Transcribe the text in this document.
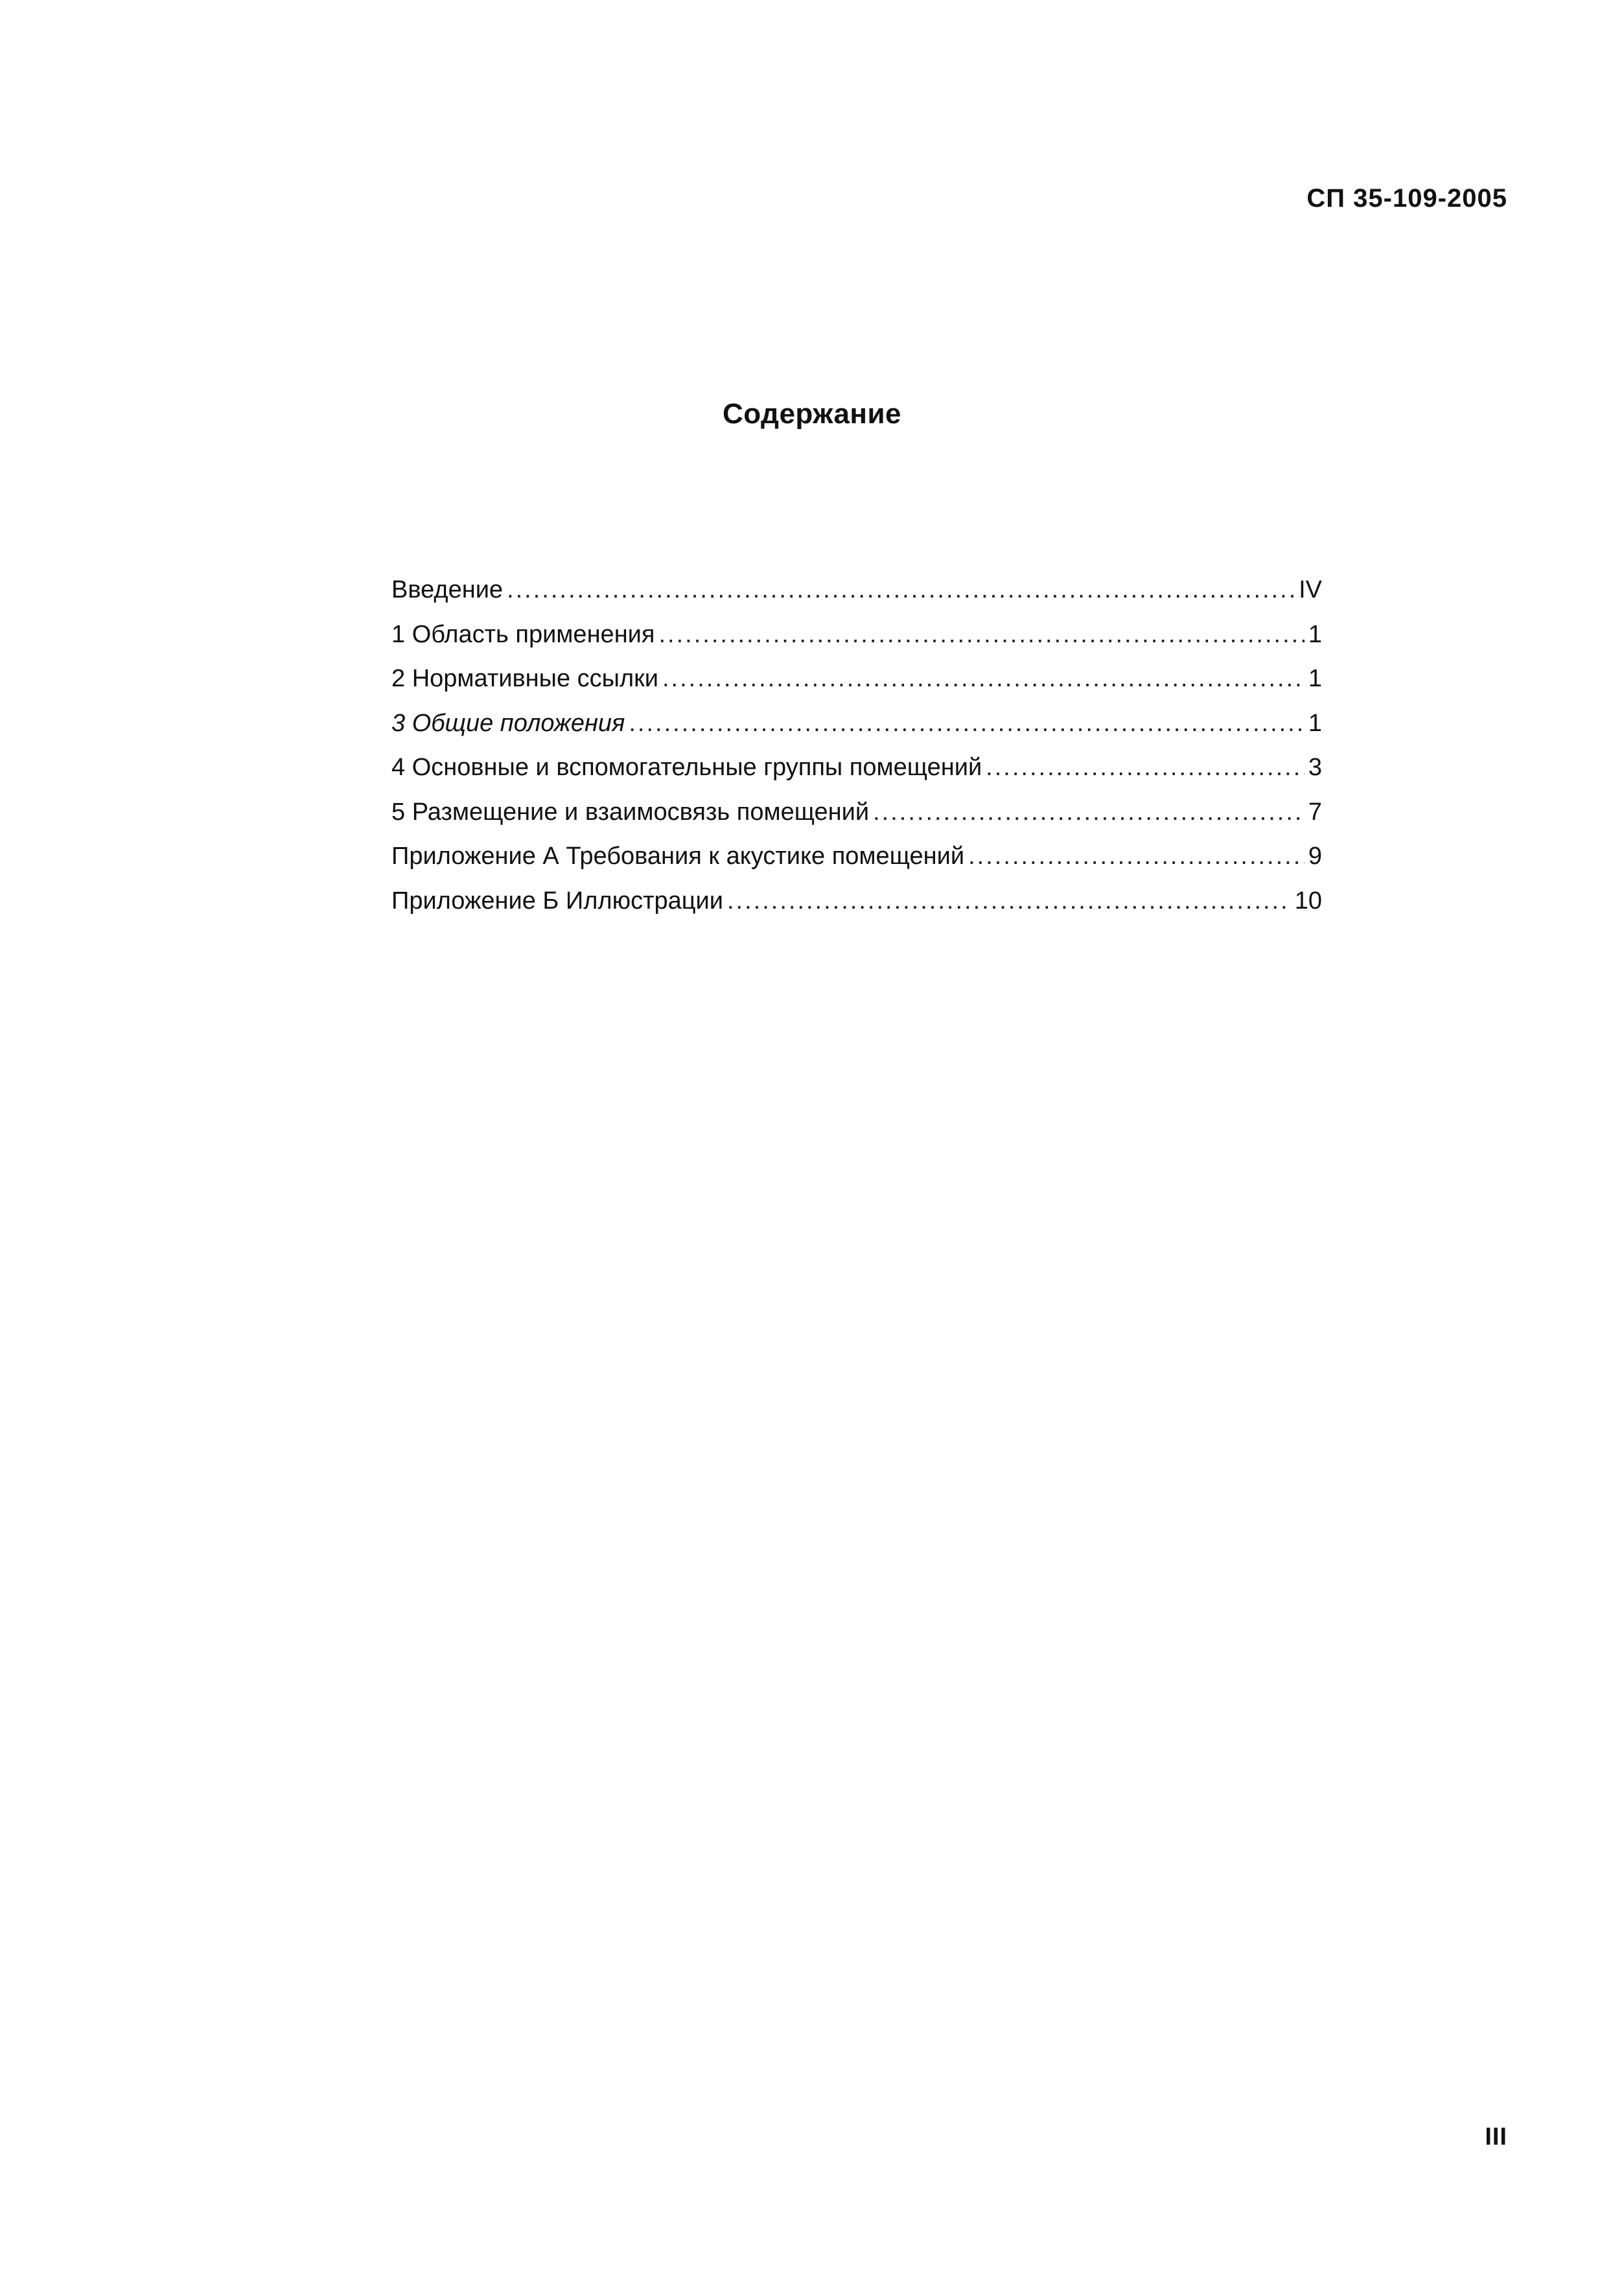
СП 35-109-2005
Содержание
Введение .....	IV
1 Область применения .....	1
2 Нормативные ссылки .....	1
3 Общие положения .....	1
4 Основные и вспомогательные группы помещений .....	3
5 Размещение и взаимосвязь помещений .....	7
Приложение А Требования к акустике помещений .....	9
Приложение Б Иллюстрации .....	10
III
